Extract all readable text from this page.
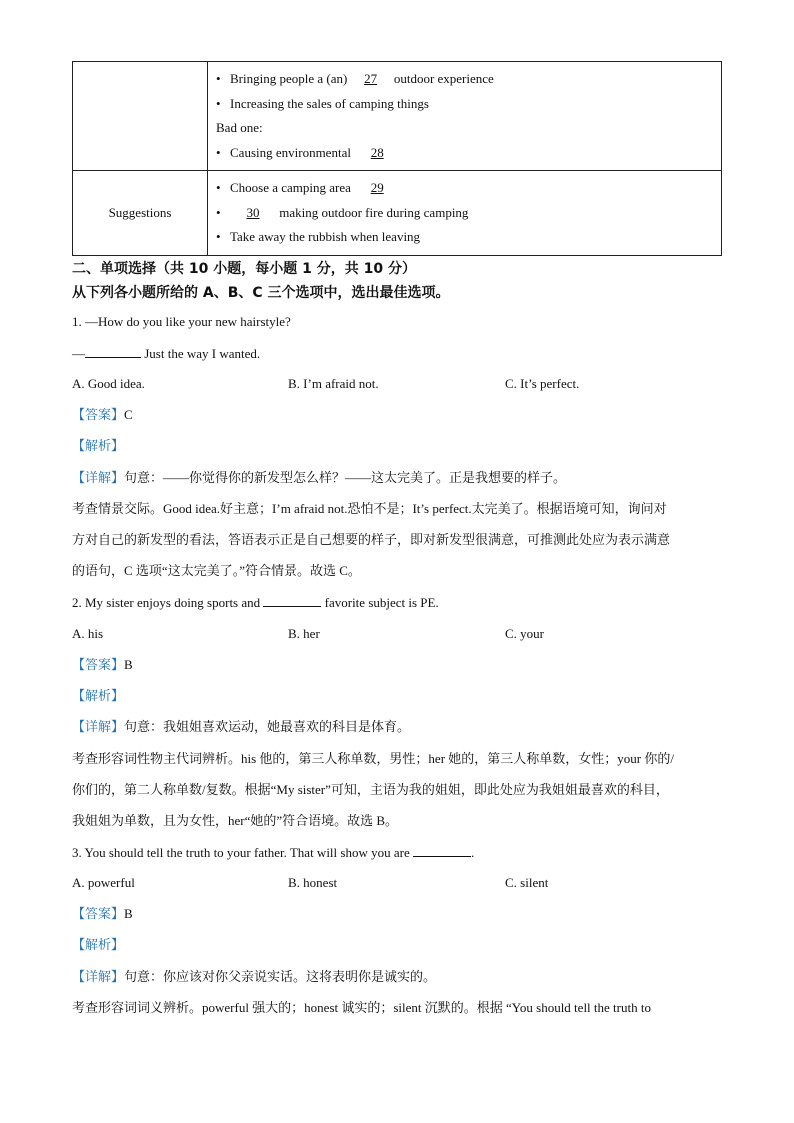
	• Bringing people a (an) 27 outdoor experience
• Increasing the sales of camping things
Bad one:
• Causing environmental 28

Suggestions	• Choose a camping area 29
• 30 making outdoor fire during camping
• Take away the rubbish when leaving
二、单项选择（共 10 小题，每小题 1 分，共 10 分）
从下列各小题所给的 A、B、C 三个选项中，选出最佳选项。
1. —How do you like your new hairstyle?
—	Just the way I wanted.
A. Good idea.	B. I’m afraid not.	C. It’s perfect.
【答案】C
【解析】
【详解】句意：——你觉得你的新发型怎么样？——这太完美了。正是我想要的样子。
考查情景交际。Good idea.好主意；I’m afraid not.恐怕不是；It’s perfect.太完美了。根据语境可知，询问对
方对自己的新发型的看法，答语表示正是自己想要的样子，即对新发型很满意，可推测此处应为表示满意
的语句，C 选项“这太完美了。”符合情景。故选 C。
2. My sister enjoys doing sports and	favorite subject is PE.
A. his	B. her	C. your
【答案】B
【解析】
【详解】句意：我姐姐喜欢运动，她最喜欢的科目是体育。
考查形容词性物主代词辨析。his 他的，第三人称单数，男性；her 她的，第三人称单数，女性；your 你的/
你们的，第二人称单数/复数。根据“My sister”可知，主语为我的姐姐，即此处应为我姐姐最喜欢的科目，
我姐姐为单数，且为女性，her“她的”符合语境。故选 B。
3. You should tell the truth to your father. That will show you are	.
A. powerful	B. honest	C. silent
【答案】B
【解析】
【详解】句意：你应该对你父亲说实话。这将表明你是诚实的。
考查形容词词义辨析。powerful 强大的；honest 诚实的；silent 沉默的。根据 “You should tell the truth to
